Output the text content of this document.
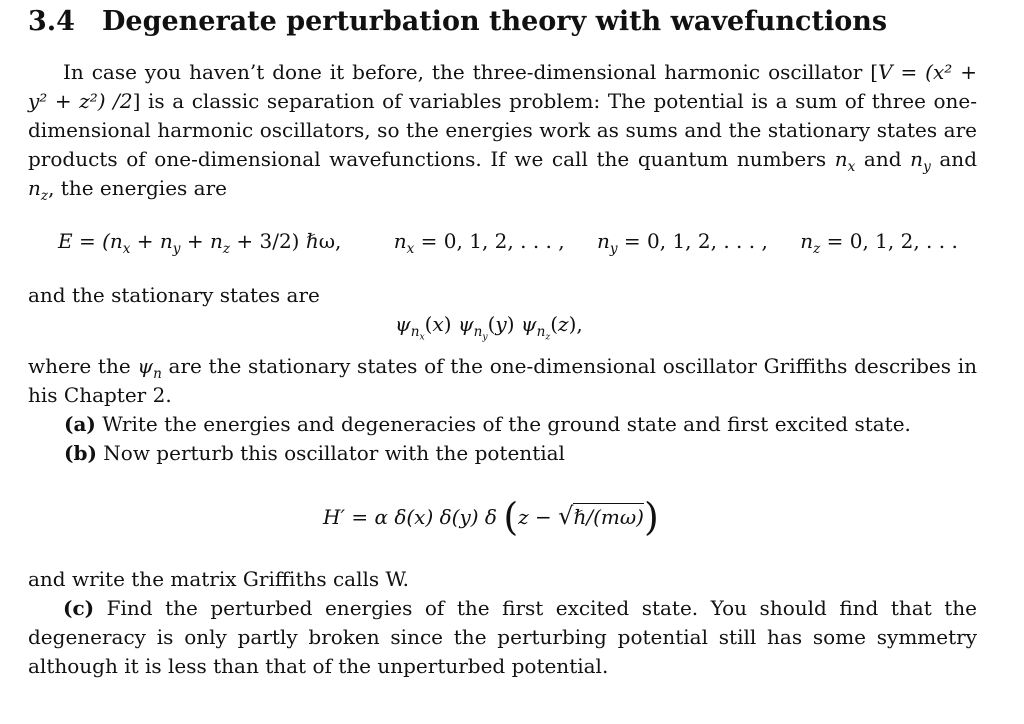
3.4 Degenerate perturbation theory with wavefunctions
In case you haven’t done it before, the three-dimensional harmonic oscillator [V = (x² + y² + z²) /2] is a classic separation of variables problem: The potential is a sum of three one-dimensional harmonic oscillators, so the energies work as sums and the stationary states are products of one-dimensional wavefunctions. If we call the quantum numbers $n_x$ and $n_y$ and $n_z$, the energies are
$E = (n_x + n_y + n_z + 3/2)$ ℏω,	$n_x = 0$, 1, 2, . . . , $n_y = 0$, 1, 2, . . . , $n_z = 0$, 1, 2, . . .
and the stationary states are
$\psi_{n_x}(x)$ $\psi_{n_y}(y)$ $\psi_{n_z}(z)$,
where the $\psi_n$ are the stationary states of the one-dimensional oscillator Griffiths describes in his Chapter 2.
(a) Write the energies and degeneracies of the ground state and first excited state.
(b) Now perturb this oscillator with the potential
H′ = α δ(x) δ(y) δ (z − √ℏ/(mω))
and write the matrix Griffiths calls W.
(c) Find the perturbed energies of the first excited state. You should find that the degeneracy is only partly broken since the perturbing potential still has some symmetry although it is less than that of the unperturbed potential.
